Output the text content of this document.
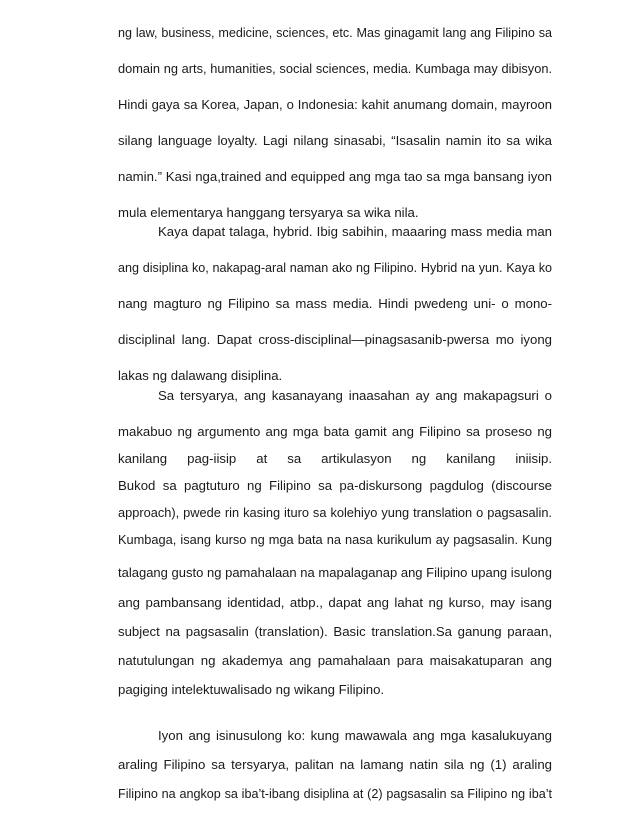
ng law, business, medicine, sciences, etc. Mas ginagamit lang ang Filipino sa
domain ng arts, humanities, social sciences, media. Kumbaga may dibisyon.
Hindi gaya sa Korea, Japan, o Indonesia: kahit anumang domain, mayroon
silang language loyalty. Lagi nilang sinasabi, “Isasalin namin ito sa wika
namin.” Kasi nga,trained and equipped ang mga tao sa mga bansang iyon
mula elementarya hanggang tersyarya sa wika nila.
Kaya dapat talaga, hybrid. Ibig sabihin, maaaring mass media man
ang disiplina ko, nakapag-aral naman ako ng Filipino. Hybrid na yun. Kaya ko
nang magturo ng Filipino sa mass media. Hindi pwedeng uni- o mono-
disciplinal lang. Dapat cross-disciplinal—pinagsasanib-pwersa mo iyong
lakas ng dalawang disiplina.
Sa tersyarya, ang kasanayang inaasahan ay ang makapagsuri o
makabuo ng argumento ang mga bata gamit ang Filipino sa proseso ng
kanilang pag-iisip at sa artikulasyon ng kanilang iniisip.
Bukod sa pagtuturo ng Filipino sa pa-diskursong pagdulog (discourse
approach), pwede rin kasing ituro sa kolehiyo yung translation o pagsasalin.
Kumbaga, isang kurso ng mga bata na nasa kurikulum ay pagsasalin. Kung
talagang gusto ng pamahalaan na mapalaganap ang Filipino upang isulong
ang pambansang identidad, atbp., dapat ang lahat ng kurso, may isang
subject na pagsasalin (translation). Basic translation.Sa ganung paraan,
natutulungan ng akademya ang pamahalaan para maisakatuparan ang
pagiging intelektuwalisado ng wikang Filipino.
Iyon ang isinusulong ko: kung mawawala ang mga kasalukuyang
araling Filipino sa tersyarya, palitan na lamang natin sila ng (1) araling
Filipino na angkop sa iba’t-ibang disiplina at (2) pagsasalin sa Filipino ng iba’t
